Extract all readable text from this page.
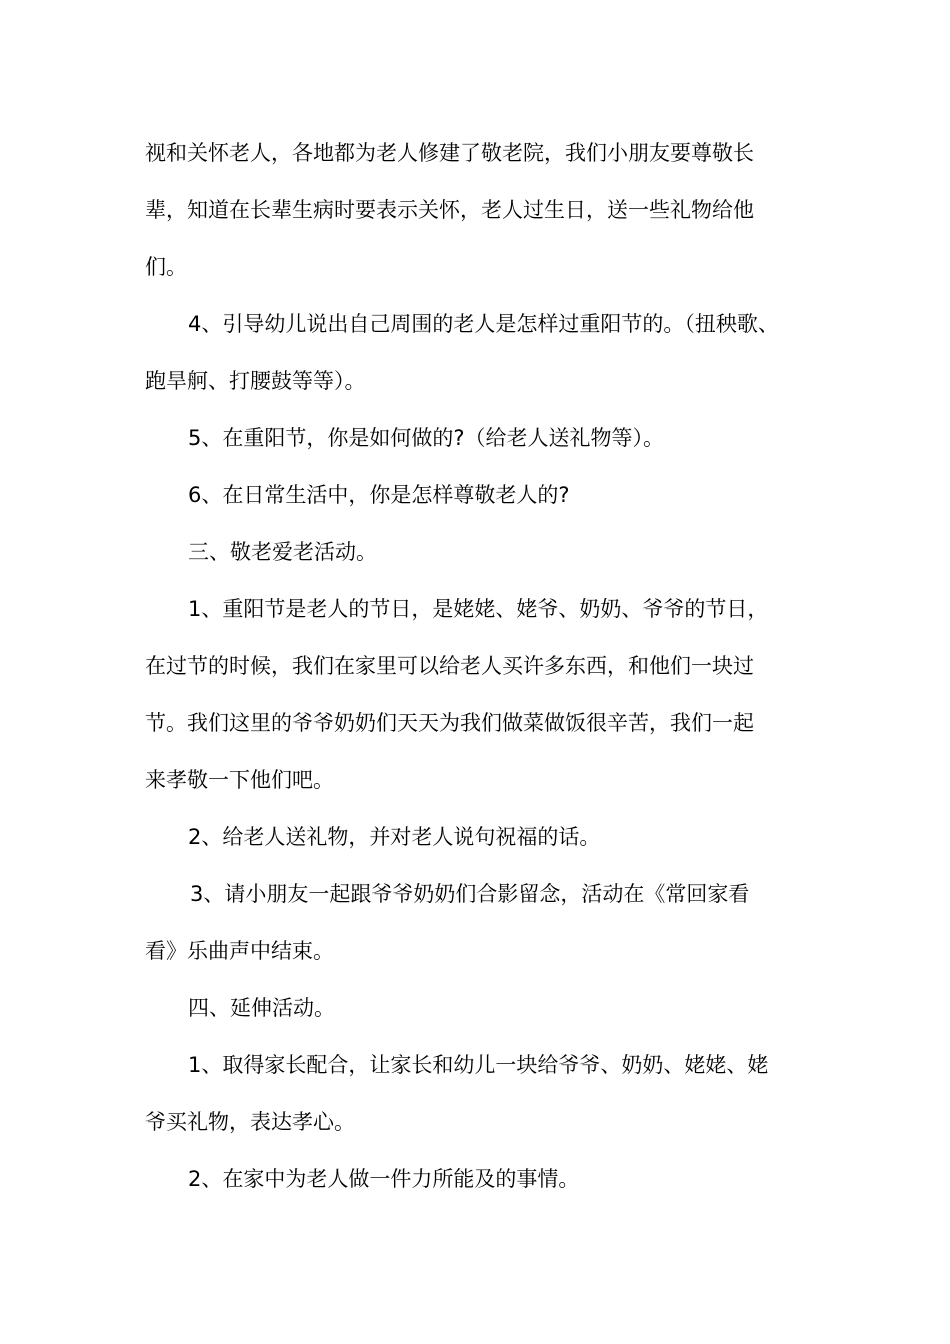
视和关怀老人，各地都为老人修建了敬老院，我们小朋友要尊敬长
辈，知道在长辈生病时要表示关怀，老人过生日，送一些礼物给他
们。
4、引导幼儿说出自己周围的老人是怎样过重阳节的。（扭秧歌、
跑旱舸、打腰鼓等等）。
5、在重阳节，你是如何做的?（给老人送礼物等）。
6、在日常生活中，你是怎样尊敬老人的?
三、敬老爱老活动。
1、重阳节是老人的节日，是姥姥、姥爷、奶奶、爷爷的节日，
在过节的时候，我们在家里可以给老人买许多东西，和他们一块过
节。我们这里的爷爷奶奶们天天为我们做菜做饭很辛苦，我们一起
来孝敬一下他们吧。
2、给老人送礼物，并对老人说句祝福的话。
3、请小朋友一起跟爷爷奶奶们合影留念，活动在《常回家看
看》乐曲声中结束。
四、延伸活动。
1、取得家长配合，让家长和幼儿一块给爷爷、奶奶、姥姥、姥
爷买礼物，表达孝心。
2、在家中为老人做一件力所能及的事情。
